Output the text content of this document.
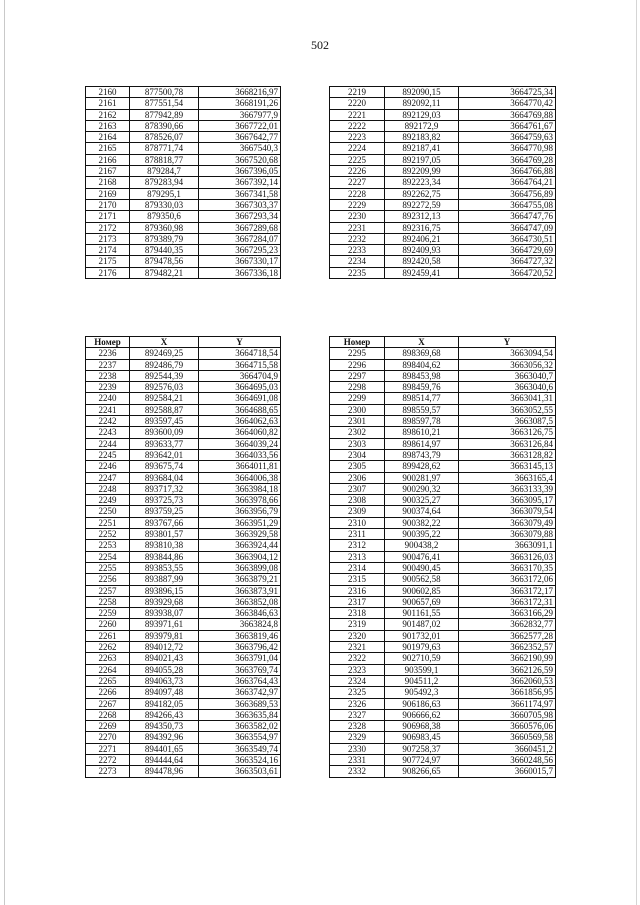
502
2160	877500,78	3668216,97
2161	877551,54	3668191,26
2162	877942,89	3667977,9
2163	878390,66	3667722,01
2164	878526,07	3667642,77
2165	878771,74	3667540,3
2166	878818,77	3667520,68
2167	879284,7	3667396,05
2168	879283,94	3667392,14
2169	879295,1	3667341,58
2170	879330,03	3667303,37
2171	879350,6	3667293,34
2172	879360,98	3667289,68
2173	879389,79	3667284,07
2174	879440,35	3667295,23
2175	879478,56	3667330,17
2176	879482,21	3667336,18
2219	892090,15	3664725,34
2220	892092,11	3664770,42
2221	892129,03	3664769,88
2222	892172,9	3664761,67
2223	892183,82	3664759,63
2224	892187,41	3664770,98
2225	892197,05	3664769,28
2226	892209,99	3664766,88
2227	892223,34	3664764,21
2228	892262,75	3664756,89
2229	892272,59	3664755,08
2230	892312,13	3664747,76
2231	892316,75	3664747,09
2232	892406,21	3664730,51
2233	892409,93	3664729,69
2234	892420,58	3664727,32
2235	892459,41	3664720,52
Номер	X	Y
2236	892469,25	3664718,54
2237	892486,79	3664715,58
2238	892544,39	3664704,9
2239	892576,03	3664695,03
2240	892584,21	3664691,08
2241	892588,87	3664688,65
2242	893597,45	3664062,63
2243	893600,09	3664060,82
2244	893633,77	3664039,24
2245	893642,01	3664033,56
2246	893675,74	3664011,81
2247	893684,04	3664006,38
2248	893717,32	3663984,18
2249	893725,73	3663978,66
2250	893759,25	3663956,79
2251	893767,66	3663951,29
2252	893801,57	3663929,58
2253	893810,38	3663924,44
2254	893844,86	3663904,12
2255	893853,55	3663899,08
2256	893887,99	3663879,21
2257	893896,15	3663873,91
2258	893929,68	3663852,08
2259	893938,07	3663846,63
2260	893971,61	3663824,8
2261	893979,81	3663819,46
2262	894012,72	3663796,42
2263	894021,43	3663791,04
2264	894055,28	3663769,74
2265	894063,73	3663764,43
2266	894097,48	3663742,97
2267	894182,05	3663689,53
2268	894266,43	3663635,84
2269	894350,73	3663582,02
2270	894392,96	3663554,97
2271	894401,65	3663549,74
2272	894444,64	3663524,16
2273	894478,96	3663503,61
Номер	X	Y
2295	898369,68	3663094,54
2296	898404,62	3663056,32
2297	898453,98	3663040,7
2298	898459,76	3663040,6
2299	898514,77	3663041,31
2300	898559,57	3663052,55
2301	898597,78	3663087,5
2302	898610,21	3663126,75
2303	898614,97	3663126,84
2304	898743,79	3663128,82
2305	899428,62	3663145,13
2306	900281,97	3663165,4
2307	900290,32	3663133,39
2308	900325,27	3663095,17
2309	900374,64	3663079,54
2310	900382,22	3663079,49
2311	900395,22	3663079,88
2312	900438,2	3663091,1
2313	900476,41	3663126,03
2314	900490,45	3663170,35
2315	900562,58	3663172,06
2316	900602,85	3663172,17
2317	900657,69	3663172,31
2318	901161,55	3663166,29
2319	901487,02	3662832,77
2320	901732,01	3662577,28
2321	901979,63	3662352,57
2322	902710,59	3662190,99
2323	903599,1	3662126,59
2324	904511,2	3662060,53
2325	905492,3	3661856,95
2326	906186,63	3661174,97
2327	906666,62	3660705,98
2328	906968,38	3660576,06
2329	906983,45	3660569,58
2330	907258,37	3660451,2
2331	907724,97	3660248,56
2332	908266,65	3660015,7
